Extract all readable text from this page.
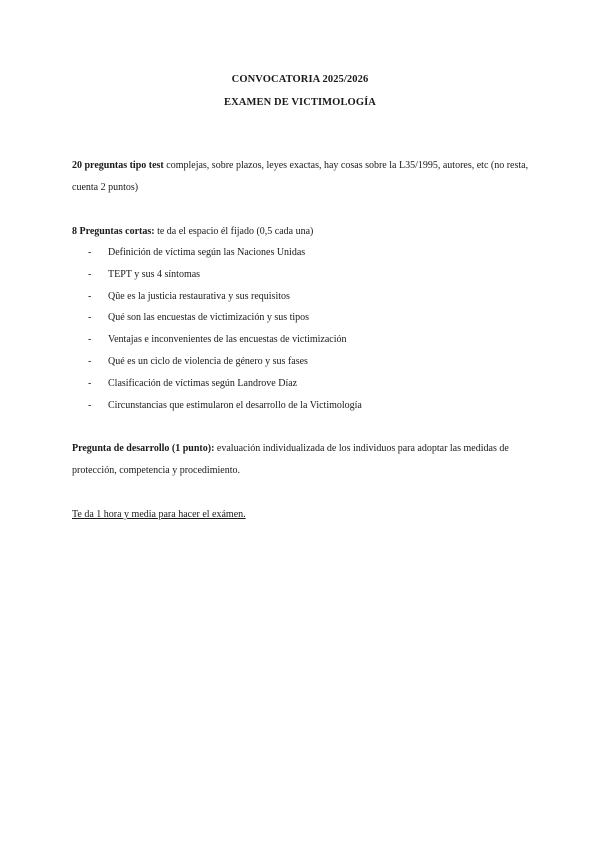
CONVOCATORIA 2025/2026
EXAMEN DE VICTIMOLOGÍA
20 preguntas tipo test complejas, sobre plazos, leyes exactas, hay cosas sobre la L35/1995, autores, etc (no resta, cuenta 2 puntos)
8 Preguntas cortas: te da el espacio él fijado (0,5 cada una)
- Definición de víctima según las Naciones Unidas
- TEPT y sus 4 síntomas
- Qûe es la justicia restaurativa y sus requisitos
- Qué son las encuestas de victimización y sus tipos
- Ventajas e inconvenientes de las encuestas de victimización
- Qué es un ciclo de violencia de género y sus fases
- Clasificación de víctimas según Landrove Díaz
- Circunstancias que estimularon el desarrollo de la Victimología
Pregunta de desarrollo (1 punto): evaluación individualizada de los individuos para adoptar las medidas de protección, competencia y procedimiento.
Te da 1 hora y media para hacer el exámen.
